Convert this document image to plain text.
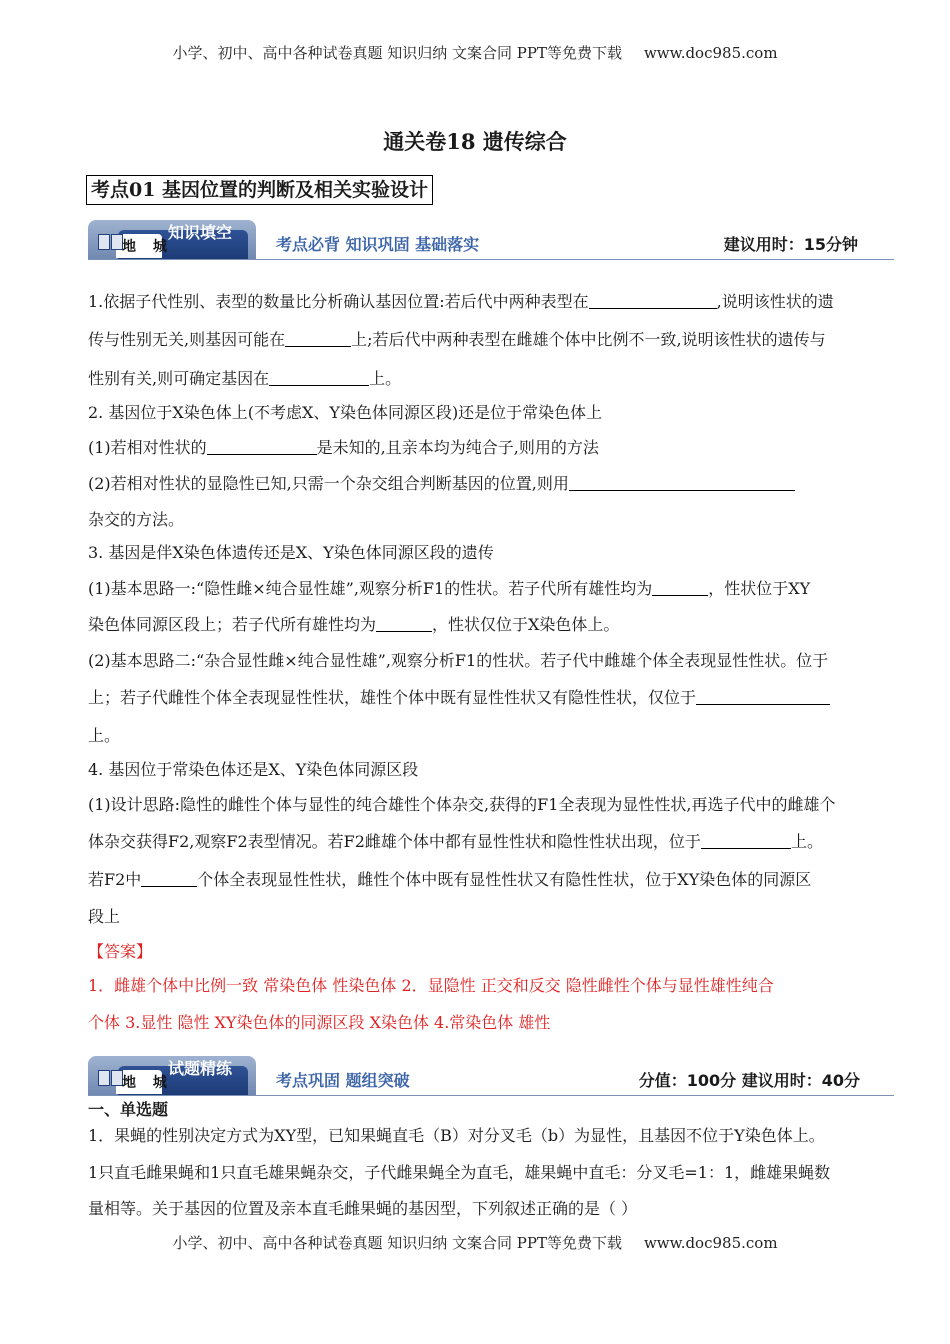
小学、初中、高中各种试卷真题 知识归纳 文案合同 PPT等免费下载 www.doc985.com
通关卷18 遗传综合
考点01 基因位置的判断及相关实验设计
地 城
知识填空
考点必背 知识巩固 基础落实	建议用时：15分钟
1.依据子代性别、表型的数量比分析确认基因位置:若后代中两种表型在	,说明该性状的遗
传与性别无关,则基因可能在	上;若后代中两种表型在雌雄个体中比例不一致,说明该性状的遗传与
性别有关,则可确定基因在	上。
2. 基因位于X染色体上(不考虑X、Y染色体同源区段)还是位于常染色体上
(1)若相对性状的	是未知的,且亲本均为纯合子,则用的方法
(2)若相对性状的显隐性已知,只需一个杂交组合判断基因的位置,则用
杂交的方法。
3. 基因是伴X染色体遗传还是X、Y染色体同源区段的遗传
(1)基本思路一:“隐性雌×纯合显性雄”,观察分析F1的性状。若子代所有雄性均为	，性状位于XY
染色体同源区段上；若子代所有雄性均为	，性状仅位于X染色体上。
(2)基本思路二:“杂合显性雌×纯合显性雄”,观察分析F1的性状。若子代中雌雄个体全表现显性性状。位于
上；若子代雌性个体全表现显性性状，雄性个体中既有显性性状又有隐性性状，仅位于
上。
4. 基因位于常染色体还是X、Y染色体同源区段
(1)设计思路:隐性的雌性个体与显性的纯合雄性个体杂交,获得的F1全表现为显性性状,再选子代中的雌雄个
体杂交获得F2,观察F2表型情况。若F2雌雄个体中都有显性性状和隐性性状出现，位于	上。
若F2中	个体全表现显性性状，雌性个体中既有显性性状又有隐性性状，位于XY染色体的同源区
段上
【答案】
1．雌雄个体中比例一致 常染色体 性染色体 2．显隐性 正交和反交 隐性雌性个体与显性雄性纯合
个体 3.显性 隐性 XY染色体的同源区段 X染色体 4.常染色体 雄性
地 城
试题精练
考点巩固 题组突破	分值：100分 建议用时：40分
一、单选题
1．果蝇的性别决定方式为XY型，已知果蝇直毛（B）对分叉毛（b）为显性，且基因不位于Y染色体上。
1只直毛雌果蝇和1只直毛雄果蝇杂交，子代雌果蝇全为直毛，雄果蝇中直毛：分叉毛=1：1，雌雄果蝇数
量相等。关于基因的位置及亲本直毛雌果蝇的基因型，下列叙述正确的是（ ）
小学、初中、高中各种试卷真题 知识归纳 文案合同 PPT等免费下载 www.doc985.com
